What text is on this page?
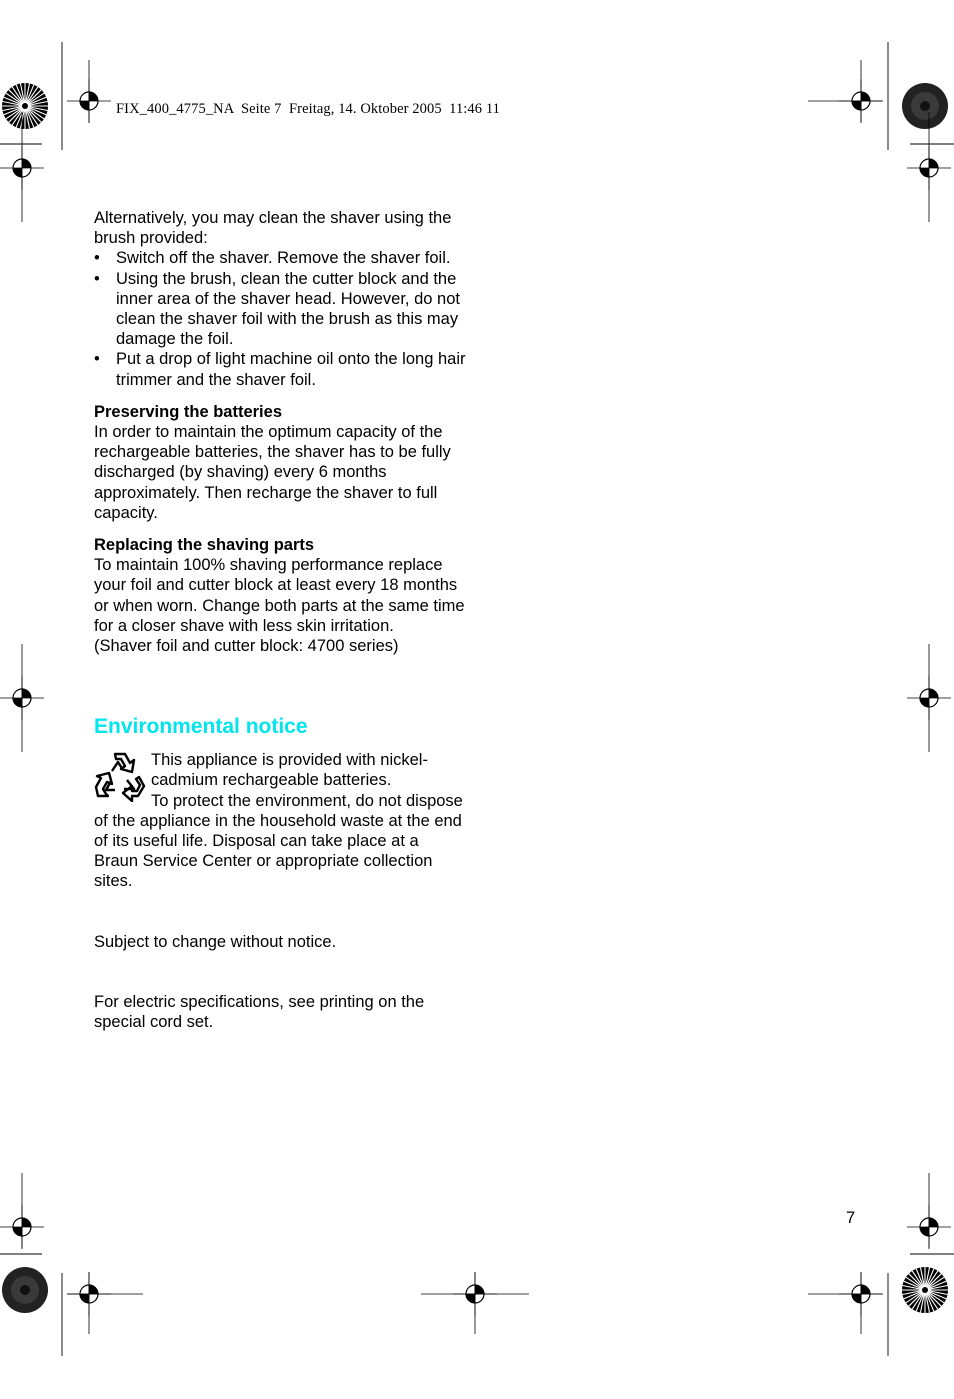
FIX_400_4775_NA  Seite 7  Freitag, 14. Oktober 2005  11:46 11

Alternatively, you may clean the shaver using the brush provided:

• Switch off the shaver. Remove the shaver foil.
• Using the brush, clean the cutter block and the inner area of the shaver head. However, do not clean the shaver foil with the brush as this may damage the foil.
• Put a drop of light machine oil onto the long hair trimmer and the shaver foil.
Preserving the batteries

In order to maintain the optimum capacity of the rechargeable batteries, the shaver has to be fully discharged (by shaving) every 6 months approximately. Then recharge the shaver to full capacity.

Replacing the shaving parts

To maintain 100% shaving performance replace your foil and cutter block at least every 18 months or when worn. Change both parts at the same time for a closer shave with less skin irritation.

(Shaver foil and cutter block: 4700 series)

Environmental notice

This appliance is provided with nickel-cadmium rechargeable batteries.
To protect the environment, do not dispose of the appliance in the household waste at the end of its useful life. Disposal can take place at a Braun Service Center or appropriate collection sites.

Subject to change without notice.

For electric specifications, see printing on the special cord set.

7
